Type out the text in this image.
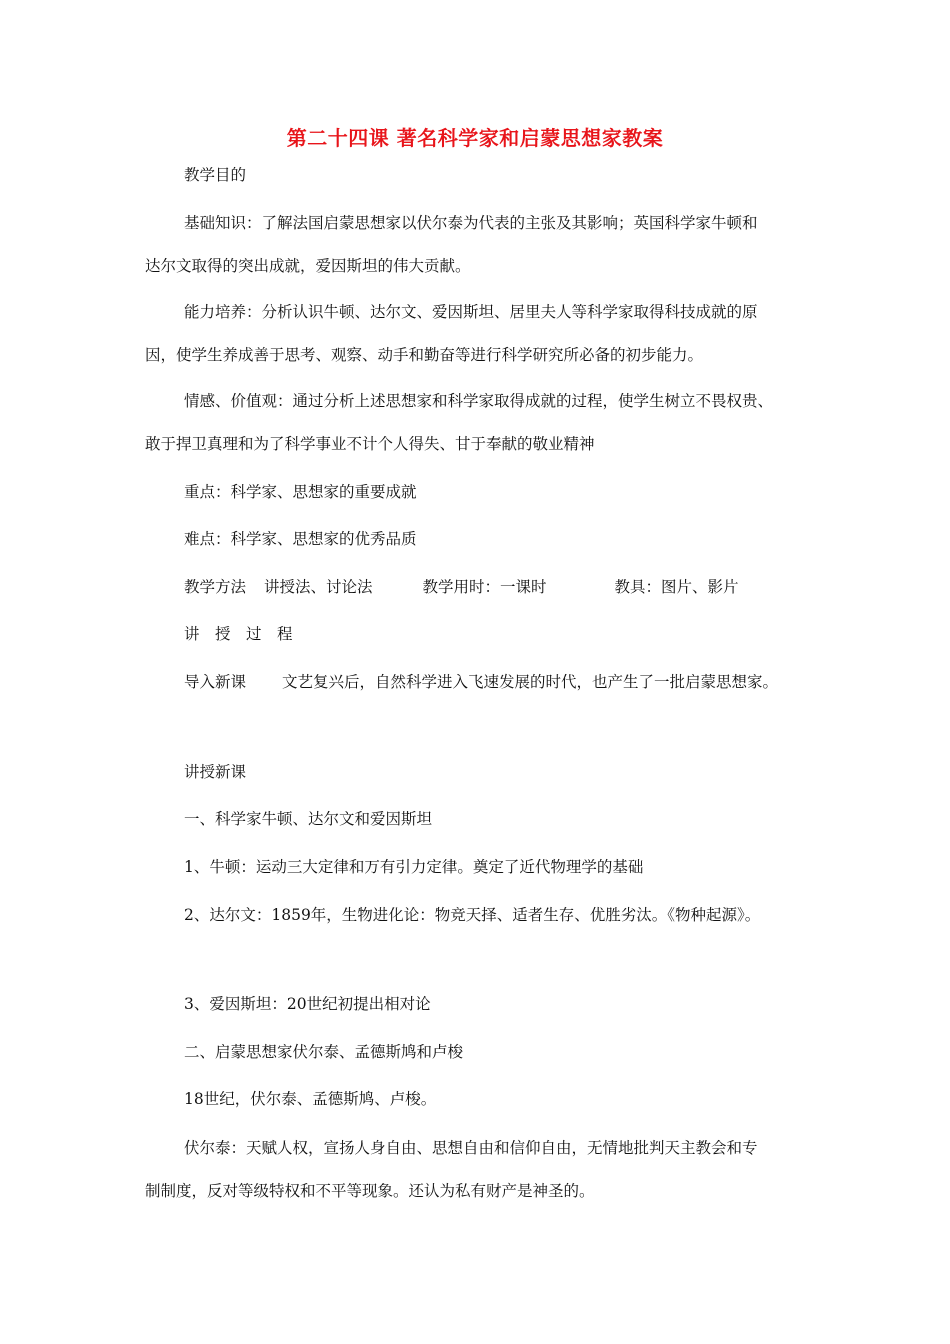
第二十四课 著名科学家和启蒙思想家教案
教学目的
基础知识：了解法国启蒙思想家以伏尔泰为代表的主张及其影响；英国科学家牛顿和
达尔文取得的突出成就，爱因斯坦的伟大贡献。
能力培养：分析认识牛顿、达尔文、爱因斯坦、居里夫人等科学家取得科技成就的原
因，使学生养成善于思考、观察、动手和勤奋等进行科学研究所必备的初步能力。
情感、价值观：通过分析上述思想家和科学家取得成就的过程，使学生树立不畏权贵、
敢于捍卫真理和为了科学事业不计个人得失、甘于奉献的敬业精神
重点：科学家、思想家的重要成就
难点：科学家、思想家的优秀品质
教学方法 讲授法、讨论法	教学用时：一课时	教具：图片、影片
讲　授　过　程
导入新课 文艺复兴后，自然科学进入飞速发展的时代，也产生了一批启蒙思想家。
讲授新课
一、科学家牛顿、达尔文和爱因斯坦
1、牛顿：运动三大定律和万有引力定律。奠定了近代物理学的基础
2、达尔文：1859年，生物进化论：物竞天择、适者生存、优胜劣汰。《物种起源》。
3、爱因斯坦：20世纪初提出相对论
二、启蒙思想家伏尔泰、孟德斯鸠和卢梭
18世纪，伏尔泰、孟德斯鸠、卢梭。
伏尔泰：天赋人权，宣扬人身自由、思想自由和信仰自由，无情地批判天主教会和专
制制度，反对等级特权和不平等现象。还认为私有财产是神圣的。
